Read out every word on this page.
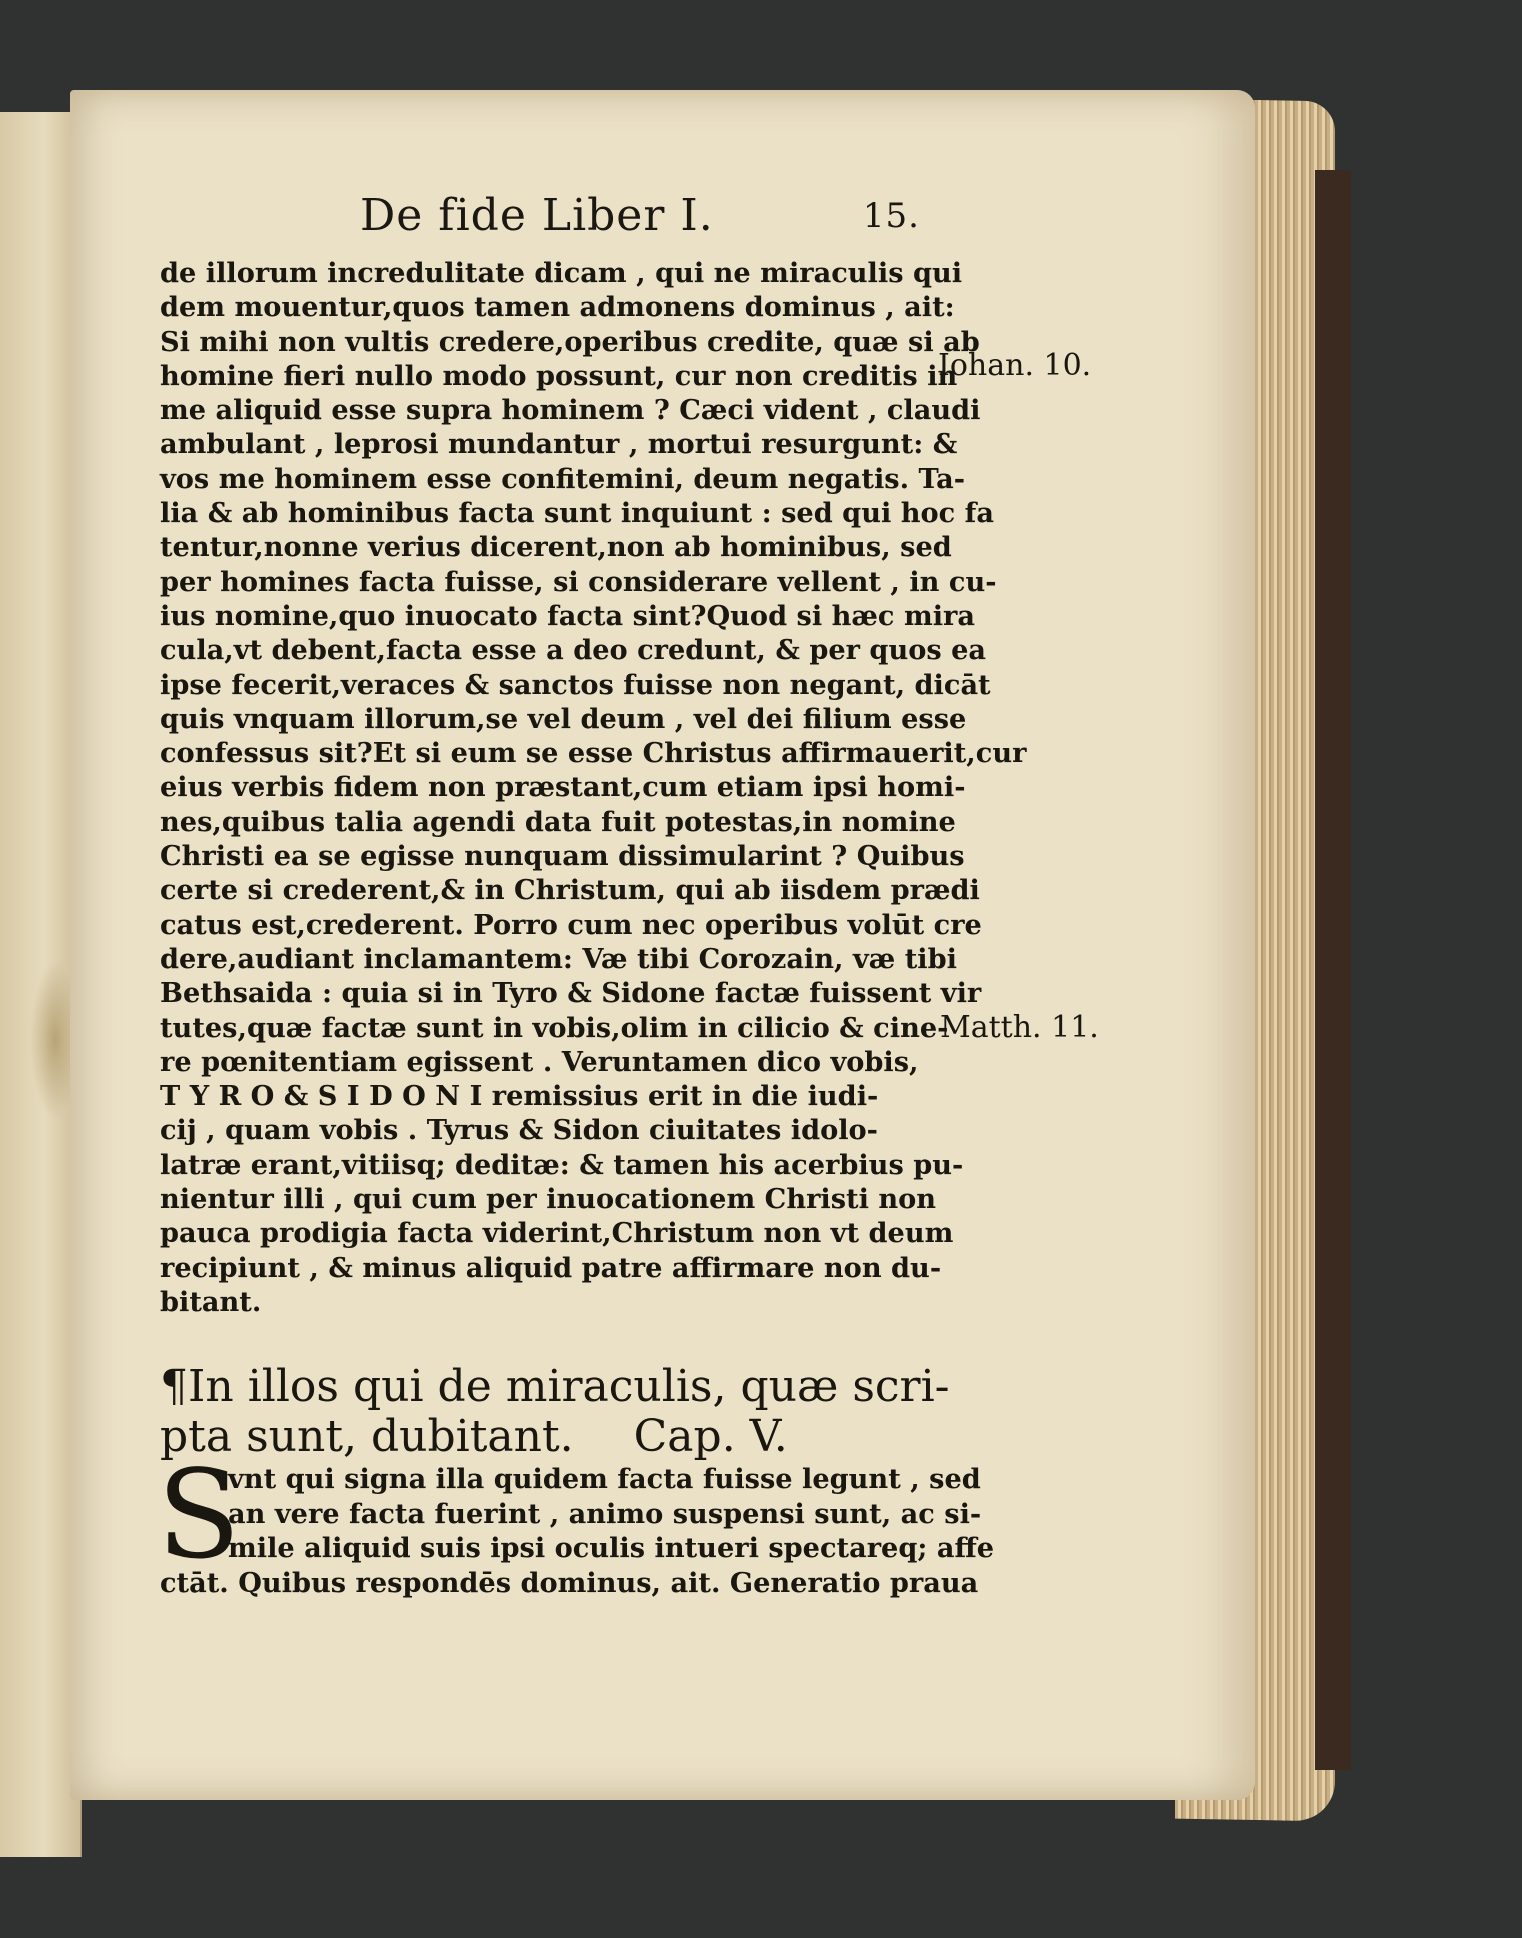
De fide Liber I.	15.
de illorum incredulitate dicam , qui ne miraculis qui
dem mouentur,quos tamen admonens dominus , ait:
Si mihi non vultis credere,operibus credite, quæ si ab
homine fieri nullo modo possunt, cur non creditis in
me aliquid esse supra hominem ? Cæci vident , claudi
ambulant , leprosi mundantur , mortui resurgunt: &
vos me hominem esse confitemini, deum negatis. Ta-
lia & ab hominibus facta sunt inquiunt : sed qui hoc fa
tentur,nonne verius dicerent,non ab hominibus, sed
per homines facta fuisse, si considerare vellent , in cu-
ius nomine,quo inuocato facta sint?Quod si hæc mira
cula,vt debent,facta esse a deo credunt, & per quos ea
ipse fecerit,veraces & sanctos fuisse non negant, dicāt
quis vnquam illorum,se vel deum , vel dei filium esse
confessus sit?Et si eum se esse Christus affirmauerit,cur
eius verbis fidem non præstant,cum etiam ipsi homi-
nes,quibus talia agendi data fuit potestas,in nomine
Christi ea se egisse nunquam dissimularint ? Quibus
certe si crederent,& in Christum, qui ab iisdem prædi
catus est,crederent. Porro cum nec operibus volūt cre
dere,audiant inclamantem: Væ tibi Corozain, væ tibi
Bethsaida : quia si in Tyro & Sidone factæ fuissent vir
tutes,quæ factæ sunt in vobis,olim in cilicio & cine-
re pœnitentiam egissent . Veruntamen dico vobis,
T Y R O & S I D O N I remissius erit in die iudi-
cij , quam vobis . Tyrus & Sidon ciuitates idolo-
latræ erant,vitiisq; deditæ: & tamen his acerbius pu-
nientur illi , qui cum per inuocationem Christi non
pauca prodigia facta viderint,Christum non vt deum
recipiunt , & minus aliquid patre affirmare non du-
bitant.
Iohan. 10.
Matth. 11.
¶In illos qui de miraculis, quæ scri-
pta sunt, dubitant. Cap. V.
S
vnt qui signa illa quidem facta fuisse legunt , sed
an vere facta fuerint , animo suspensi sunt, ac si-
mile aliquid suis ipsi oculis intueri spectareq; affe
ctāt. Quibus respondēs dominus, ait. Generatio praua
